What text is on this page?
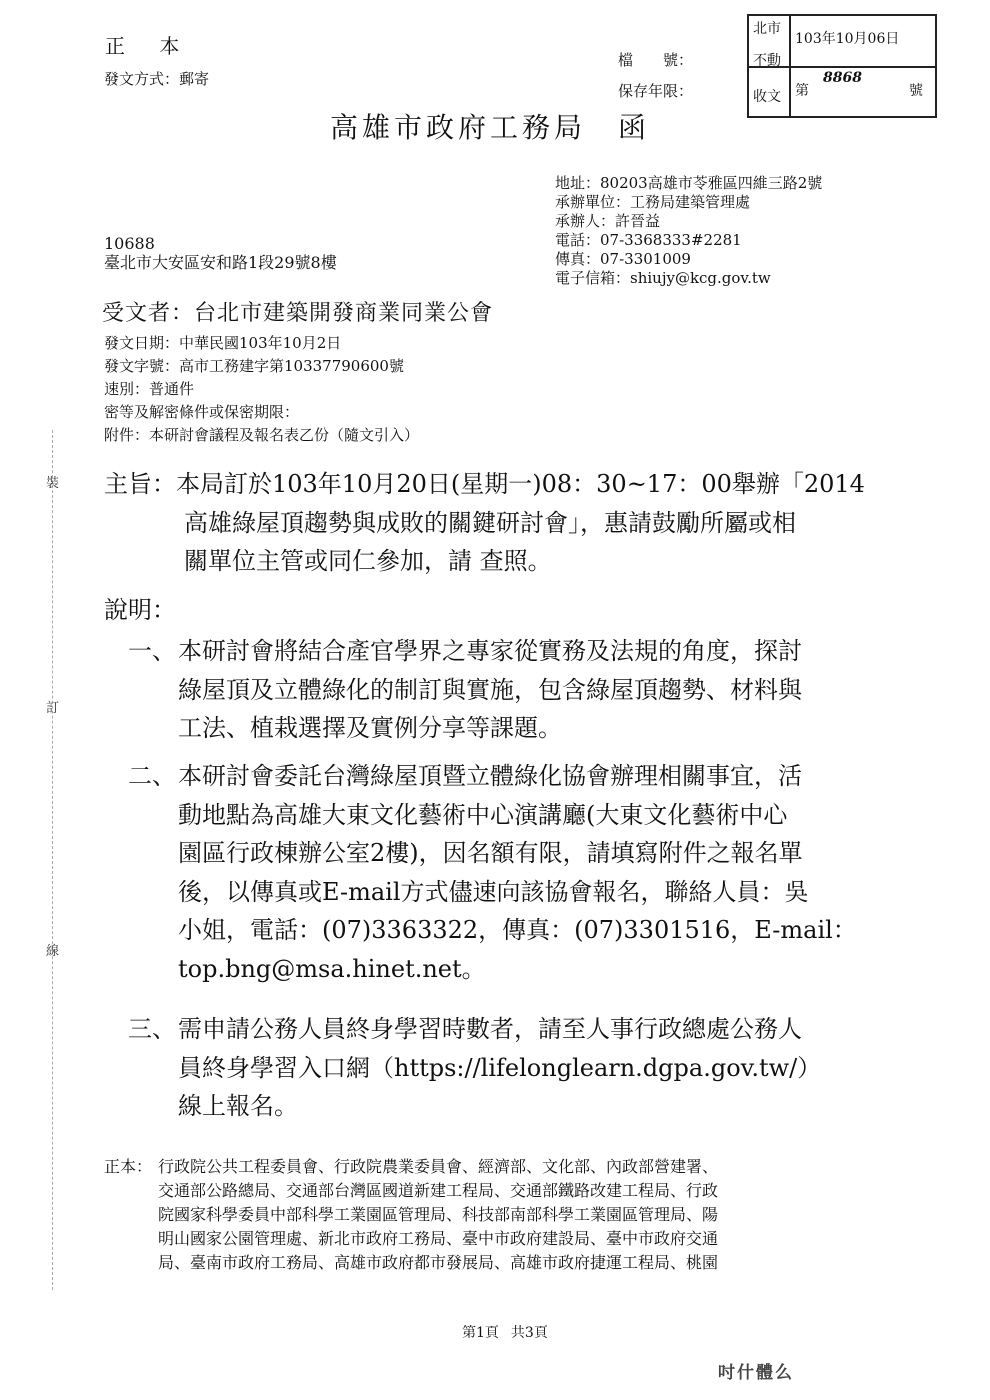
正 本
發文方式：郵寄
檔　　號：
保存年限：
高雄市政府工務局　函
北市
不動
收文
103年10月06日
第
8868
號
地址：80203高雄市苓雅區四維三路2號
承辦單位：工務局建築管理處
承辦人：許晉益
電話：07-3368333#2281
傳真：07-3301009
電子信箱：shiujy@kcg.gov.tw
10688
臺北市大安區安和路1段29號8樓
受文者：台北市建築開發商業同業公會
發文日期：中華民國103年10月2日
發文字號：高市工務建字第10337790600號
速別：普通件
密等及解密條件或保密期限：
附件：本研討會議程及報名表乙份（隨文引入）
主旨：本局訂於103年10月20日(星期一)08：30~17：00舉辦「2014
高雄綠屋頂趨勢與成敗的關鍵研討會」，惠請鼓勵所屬或相
關單位主管或同仁參加，請 查照。
說明：
一、本研討會將結合產官學界之專家從實務及法規的角度，探討
綠屋頂及立體綠化的制訂與實施，包含綠屋頂趨勢、材料與
工法、植栽選擇及實例分享等課題。
二、本研討會委託台灣綠屋頂暨立體綠化協會辦理相關事宜，活
動地點為高雄大東文化藝術中心演講廳(大東文化藝術中心
園區行政棟辦公室2樓)，因名額有限，請填寫附件之報名單
後，以傳真或E-mail方式儘速向該協會報名，聯絡人員：吳
小姐，電話：(07)3363322，傳真：(07)3301516，E-mail：
top.bng@msa.hinet.net。
三、需申請公務人員終身學習時數者，請至人事行政總處公務人
員終身學習入口網（https://lifelonglearn.dgpa.gov.tw/）
線上報名。
正本： 行政院公共工程委員會、行政院農業委員會、經濟部、文化部、內政部營建署、
交通部公路總局、交通部台灣區國道新建工程局、交通部鐵路改建工程局、行政
院國家科學委員中部科學工業園區管理局、科技部南部科學工業園區管理局、陽
明山國家公園管理處、新北市政府工務局、臺中市政府建設局、臺中市政府交通
局、臺南市政府工務局、高雄市政府都市發展局、高雄市政府捷運工程局、桃園
裝
訂
線
第1頁 共3頁
吋什體么
